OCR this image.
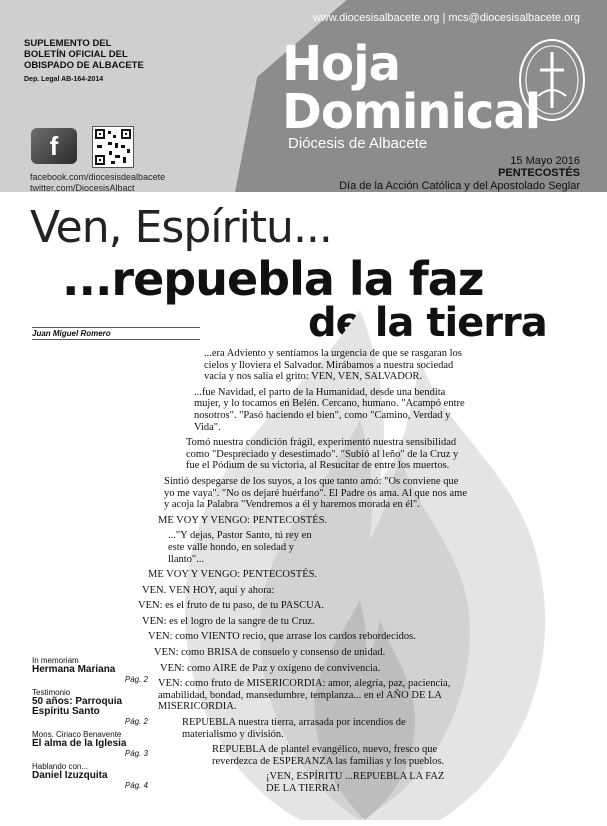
www.diocesisalbacete.org | mcs@diocesisalbacete.org
SUPLEMENTO DEL
BOLETÍN OFICIAL DEL
OBISPADO DE ALBACETE
Dep. Legal AB-164-2014
f
facebook.com/diocesisdealbacete
twitter.com/DiocesisAlbact
Hoja
Dominical
Diócesis de Albacete
15 Mayo 2016
PENTECOSTÉS
Día de la Acción Católica y del Apostolado Seglar
Ven, Espíritu...
...repuebla la faz
de la tierra
Juan Miguel Romero

...era Adviento y sentíamos la urgencia de que se rasgaran los cielos y lloviera el Salvador. Mirábamos a nuestra sociedad vacía y nos salía el grito: VEN, VEN, SALVADOR.

...fue Navidad, el parto de la Humanidad, desde una bendita mujer, y lo tocamos en Belén. Cercano, humano. "Acampó entre nosotros". "Pasó haciendo el bien", como "Camino, Verdad y Vida".

Tomó nuestra condición frágil, experimentó nuestra sensibilidad como "Despreciado y desestimado". "Subió al leño" de la Cruz y fue el Pódium de su victoria, al Resucitar de entre los muertos.

Sintió despegarse de los suyos, a los que tanto amó: "Os conviene que yo me vaya". "No os dejaré huérfano". El Padre os ama. Al que nos ame y acoja la Palabra "Vendremos a él y haremos morada en él".

ME VOY Y VENGO: PENTECOSTÉS.

..."Y dejas, Pastor Santo, tú rey en este valle hondo, en soledad y llanto"...

ME VOY Y VENGO: PENTECOSTÉS.

VEN. VEN HOY, aquí y ahora:

VEN: es el fruto de tu paso, de tu PASCUA.

VEN: es el logro de la sangre de tu Cruz.

VEN: como VIENTO recio, que arrase los cardos rebordecidos.

VEN: como BRISA de consuelo y consenso de unidad.

VEN: como AIRE de Paz y oxígeno de convivencia.

VEN: como fruto de MISERICORDIA: amor, alegría, paz, paciencia, amabilidad, bondad, mansedumbre, templanza... en el AÑO DE LA MISERICORDIA.

REPUEBLA nuestra tierra, arrasada por incendios de materialismo y división.

REPUEBLA de plantel evangélico, nuevo, fresco que reverdezca de ESPERANZA las familias y los pueblos.

¡VEN, ESPÍRITU ...REPUEBLA LA FAZ DE LA TIERRA!

In memoriam
Hermana Mariana
Pág. 2
Testimonio
50 años: Parroquia Espíritu Santo
Pág. 2
Mons. Ciriaco Benavente
El alma de la Iglesia
Pág. 3
Hablando con...
Daniel Izuzquita
Pág. 4
